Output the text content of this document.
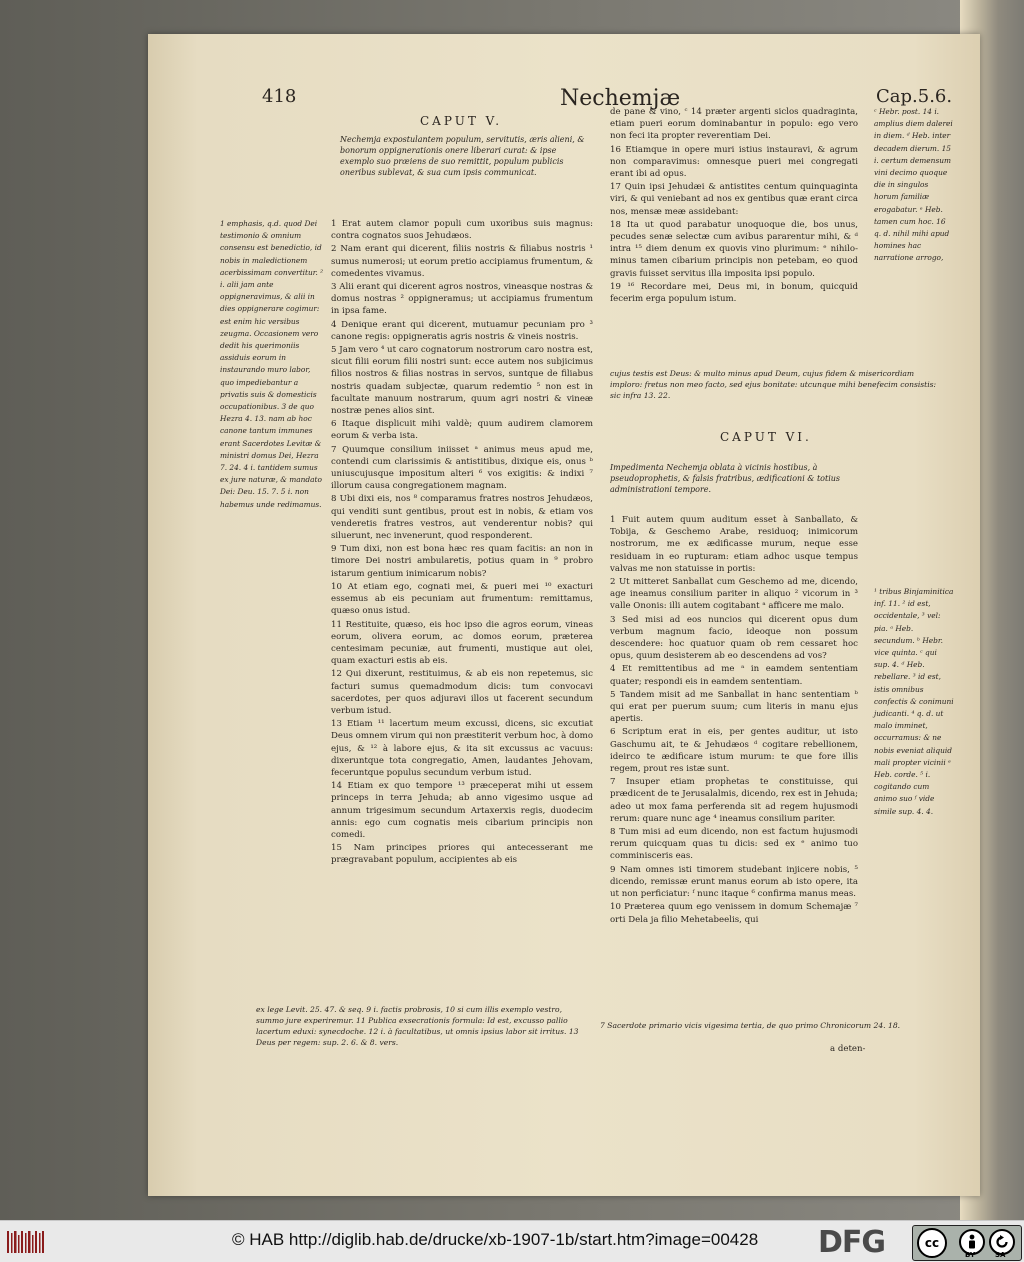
418	Nechemjæ	Cap.5.6.
CAPUT V.
Nechemja expostulantem populum, servitutis, æris alieni, & bonorum oppignerationis onere liberari curat: & ipse exemplo suo præiens de suo remittit, populum publicis oneribus sublevat, & sua cum ipsis communicat.
1 emphasis, q.d. quod Dei testimonio & omnium consensu est benedictio, id nobis in maledictionem acerbissimam convertitur. ² i. alii jam ante oppigneravimus, & alii in dies oppignerare cogimur: est enim hic versibus zeugma. Occasionem vero dedit his querimoniis assiduis eorum in instaurando muro labor, quo impediebantur a privatis suis & domesticis occupationibus. 3 de quo Hezra 4. 13. nam ab hoc canone tantum immunes erant Sacerdotes Levitæ & ministri domus Dei, Hezra 7. 24. 4 i. tantidem sumus ex jure naturæ, & mandato Dei: Deu. 15. 7. 5 i. non habemus unde redimamus.

1 Erat autem clamor populi cum uxoribus suis magnus: contra cognatos suos Jehudæos.

2 Nam erant qui dicerent, filiis nostris & filiabus nostris ¹ sumus numerosi; ut eorum pretio accipiamus frumentum, & comedentes vivamus.

3 Alii erant qui dicerent agros nostros, vineasque nostras & domus nostras ² oppigneramus; ut accipiamus frumentum in ipsa fame.

4 Denique erant qui dicerent, mutuamur pecuniam pro ³ canone regis: oppigneratis agris nostris & vineis nostris.

5 Jam vero ⁴ ut caro cognatorum nostrorum caro nostra est, sicut filii eorum filii nostri sunt: ecce autem nos subjicimus filios nostros & filias nostras in servos, suntque de filiabus nostris quadam subjectæ, quarum redemtio ⁵ non est in facultate manuum nostrarum, quum agri nostri & vineæ nostræ penes alios sint.

6 Itaque displicuit mihi valdè; quum audirem clamorem eorum & verba ista.

7 Quumque consilium iniisset ᵃ animus meus apud me, contendi cum clarissimis & antistitibus, dixique eis, onus ᵇ uniuscujusque impositum alteri ⁶ vos exigitis: & indixi ⁷ illorum causa congregationem magnam.

8 Ubi dixi eis, nos ⁸ comparamus fratres nostros Jehudæos, qui venditi sunt gentibus, prout est in nobis, & etiam vos venderetis fratres vestros, aut venderentur nobis? qui siluerunt, nec invenerunt, quod responderent.

9 Tum dixi, non est bona hæc res quam facitis: an non in timore Dei nostri ambularetis, potius quam in ⁹ probro istarum gentium inimicarum nobis?

10 At etiam ego, cognati mei, & pueri mei ¹⁰ exacturi essemus ab eis pecuniam aut frumentum: remittamus, quæso onus istud.

11 Restituite, quæso, eis hoc ipso die agros eorum, vineas eorum, olivera eorum, ac domos eorum, præterea centesimam pecuniæ, aut frumenti, mustique aut olei, quam exacturi estis ab eis.

12 Qui dixerunt, restituimus, & ab eis non repetemus, sic facturi sumus quemadmodum dicis: tum convocavi sacerdotes, per quos adjuravi illos ut facerent secundum verbum istud.

13 Etiam ¹¹ lacertum meum excussi, dicens, sic excutiat Deus omnem virum qui non præstiterit verbum hoc, à domo ejus, & ¹² à labore ejus, & ita sit excussus ac vacuus: dixeruntque tota congregatio, Amen, laudantes Jehovam, feceruntque populus secundum verbum istud.

14 Etiam ex quo tempore ¹³ præceperat mihi ut essem princeps in terra Jehuda; ab anno vigesimo usque ad annum trigesimum secundum Artaxerxis regis, duodecim annis: ego cum cognatis meis cibarium principis non comedi.

15 Nam principes priores qui antecesserant me prægravabant populum, accipientes ab eis

ex lege Levit. 25. 47. & seq. 9 i. factis probrosis, 10 si cum illis exemplo vestro, summo jure experiremur. 11 Publica exsecrationis formula: Id est, excusso pallio lacertum eduxi: synecdoche. 12 i. à facultatibus, ut omnis ipsius labor sit irritus. 13 Deus per regem: sup. 2. 6. & 8. vers.

de pane & vino, ᶜ 14 præter argenti siclos quadraginta, etiam pueri eorum dominabantur in populo: ego vero non feci ita propter reverentiam Dei.

16 Etiamque in opere muri istius instauravi, & agrum non comparavimus: omnesque pueri mei congregati erant ibi ad opus.

17 Quin ipsi Jehudæi & antistites centum quinquaginta viri, & qui veniebant ad nos ex gentibus quæ erant circa nos, mensæ meæ assidebant:

18 Ita ut quod parabatur unoquoque die, bos unus, pecudes senæ selectæ cum avibus pararentur mihi, & ᵈ intra ¹⁵ diem denum ex quovis vino plurimum: ᵉ nihilo-minus tamen cibarium principis non petebam, eo quod gravis fuisset servitus illa imposita ipsi populo.

19 ¹⁶ Recordare mei, Deus mi, in bonum, quicquid fecerim erga populum istum.

cujus testis est Deus: & multo minus apud Deum, cujus fidem & misericordiam imploro: fretus non meo facto, sed ejus bonitate: utcunque mihi benefecim consistis: sic infra 13. 22.
ᶜ Hebr. post. 14 i. amplius diem dalerei in diem. ᵈ Heb. inter decadem dierum. 15 i. certum demensum vini decimo quoque die in singulos horum familiæ erogabatur. ᵉ Heb. tamen cum hoc. 16 q. d. nihil mihi apud homines hac narratione arrogo,
CAPUT VI.
Impedimenta Nechemja oblata à vicinis hostibus, à pseudoprophetis, & falsis fratribus, ædificationi & totius administrationi tempore.

1 Fuit autem quum auditum esset à Sanballato, & Tobija, & Geschemo Arabe, residuoq; inimicorum nostrorum, me ex ædificasse murum, neque esse residuam in eo rupturam: etiam adhoc usque tempus valvas me non statuisse in portis:

2 Ut mitteret Sanballat cum Geschemo ad me, dicendo, age ineamus consilium pariter in aliquo ² vicorum in ³ valle Ononis: illi autem cogitabant ᵃ afficere me malo.

3 Sed misi ad eos nuncios qui dicerent opus dum verbum magnum facio, ideoque non possum descendere: hoc quatuor quam ob rem cessaret hoc opus, quum desisterem ab eo descendens ad vos?

4 Et remittentibus ad me ᵃ in eamdem sententiam quater; respondi eis in eamdem sententiam.

5 Tandem misit ad me Sanballat in hanc sententiam ᵇ qui erat per puerum suum; cum literis in manu ejus apertis.

6 Scriptum erat in eis, per gentes auditur, ut isto Gaschumu ait, te & Jehudæos ᵈ cogitare rebellionem, ideirco te ædificare istum murum: te que fore illis regem, prout res istæ sunt.

7 Insuper etiam prophetas te constituisse, qui prædicent de te Jerusalalmis, dicendo, rex est in Jehuda; adeo ut mox fama perferenda sit ad regem hujusmodi rerum: quare nunc age ⁴ ineamus consilium pariter.

8 Tum misi ad eum dicendo, non est factum hujusmodi rerum quicquam quas tu dicis: sed ex ᵉ animo tuo comminisceris eas.

9 Nam omnes isti timorem studebant injicere nobis, ⁵ dicendo, remissæ erunt manus eorum ab isto opere, ita ut non perficiatur: ᶠ nunc itaque ⁶ confirma manus meas.

10 Præterea quum ego venissem in domum Schemajæ ⁷ orti Dela ja filio Mehetabeelis, qui

¹ tribus Binjaminitica inf. 11. ² id est, occidentale, ³ vel: pia. ᵃ Heb. secundum. ᵇ Hebr. vice quinta. ᶜ qui sup. 4. ᵈ Heb. rebellare. ³ id est, istis omnibus confectis & conimuni judicanti. ⁴ q. d. ut malo imminet, occurramus: & ne nobis eveniat aliquid mali propter vicinii ᵉ Heb. corde. ⁵ i. cogitando cum animo suo ᶠ vide simile sup. 4. 4.
7 Sacerdote primario vicis vigesima tertia, de quo primo Chronicorum 24. 18.
a deten-
© HAB http://diglib.hab.de/drucke/xb-1907-1b/start.htm?image=00428 DFG	cc
BY	SA
